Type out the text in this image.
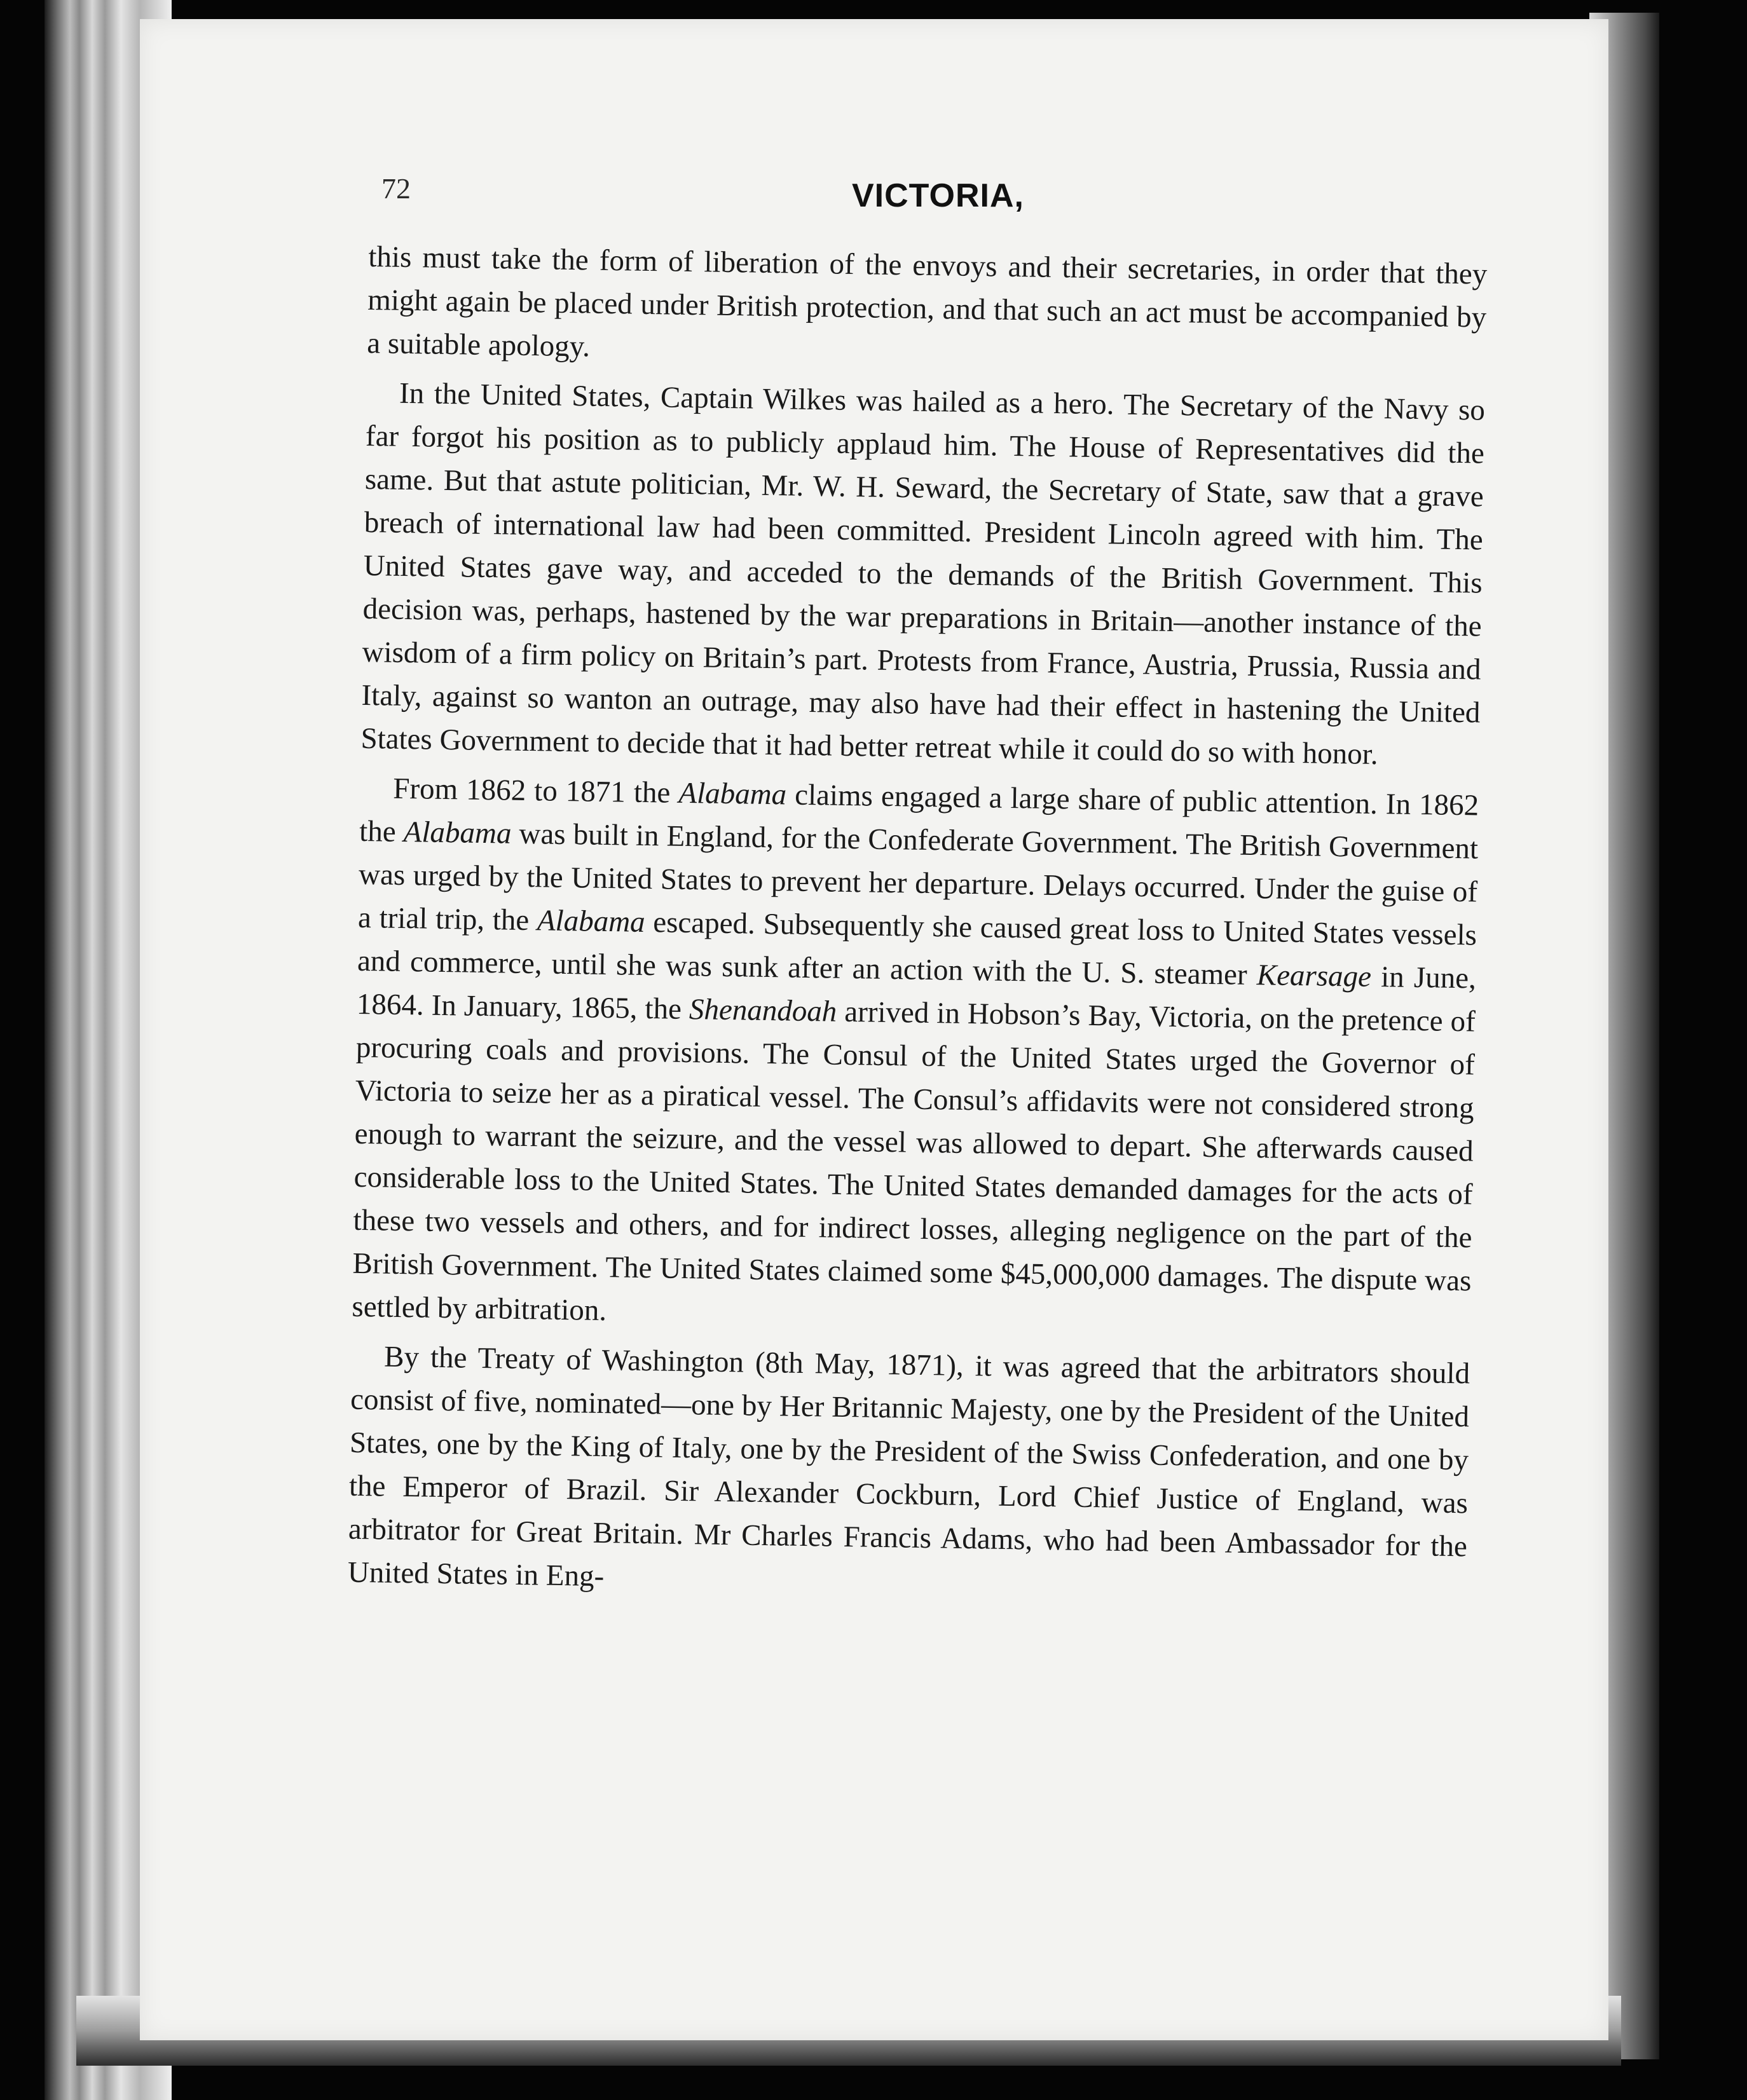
72	VICTORIA,

this must take the form of liberation of the envoys and their secretaries, in order that they might again be placed under British protection, and that such an act must be accompanied by a suitable apology.

In the United States, Captain Wilkes was hailed as a hero. The Secretary of the Navy so far forgot his position as to publicly applaud him. The House of Representatives did the same. But that astute politician, Mr. W. H. Seward, the Secretary of State, saw that a grave breach of international law had been committed. President Lincoln agreed with him. The United States gave way, and acceded to the demands of the British Government. This decision was, perhaps, hastened by the war preparations in Britain—another instance of the wisdom of a firm policy on Britain’s part. Protests from France, Austria, Prussia, Russia and Italy, against so wanton an outrage, may also have had their effect in hastening the United States Government to decide that it had better retreat while it could do so with honor.

From 1862 to 1871 the Alabama claims engaged a large share of public attention. In 1862 the Alabama was built in England, for the Confederate Government. The British Government was urged by the United States to prevent her departure. Delays occurred. Under the guise of a trial trip, the Alabama escaped. Subsequently she caused great loss to United States vessels and commerce, until she was sunk after an action with the U. S. steamer Kearsage in June, 1864. In January, 1865, the Shenandoah arrived in Hobson’s Bay, Victoria, on the pretence of procuring coals and provisions. The Consul of the United States urged the Governor of Victoria to seize her as a piratical vessel. The Consul’s affidavits were not considered strong enough to warrant the seizure, and the vessel was allowed to depart. She afterwards caused considerable loss to the United States. The United States demanded damages for the acts of these two vessels and others, and for indirect losses, alleging negligence on the part of the British Government. The United States claimed some $45,000,000 damages. The dispute was settled by arbitration.

By the Treaty of Washington (8th May, 1871), it was agreed that the arbitrators should consist of five, nominated—one by Her Britannic Majesty, one by the President of the United States, one by the King of Italy, one by the President of the Swiss Confederation, and one by the Emperor of Brazil. Sir Alexander Cockburn, Lord Chief Justice of England, was arbitrator for Great Britain. Mr Charles Francis Adams, who had been Ambassador for the United States in Eng-
